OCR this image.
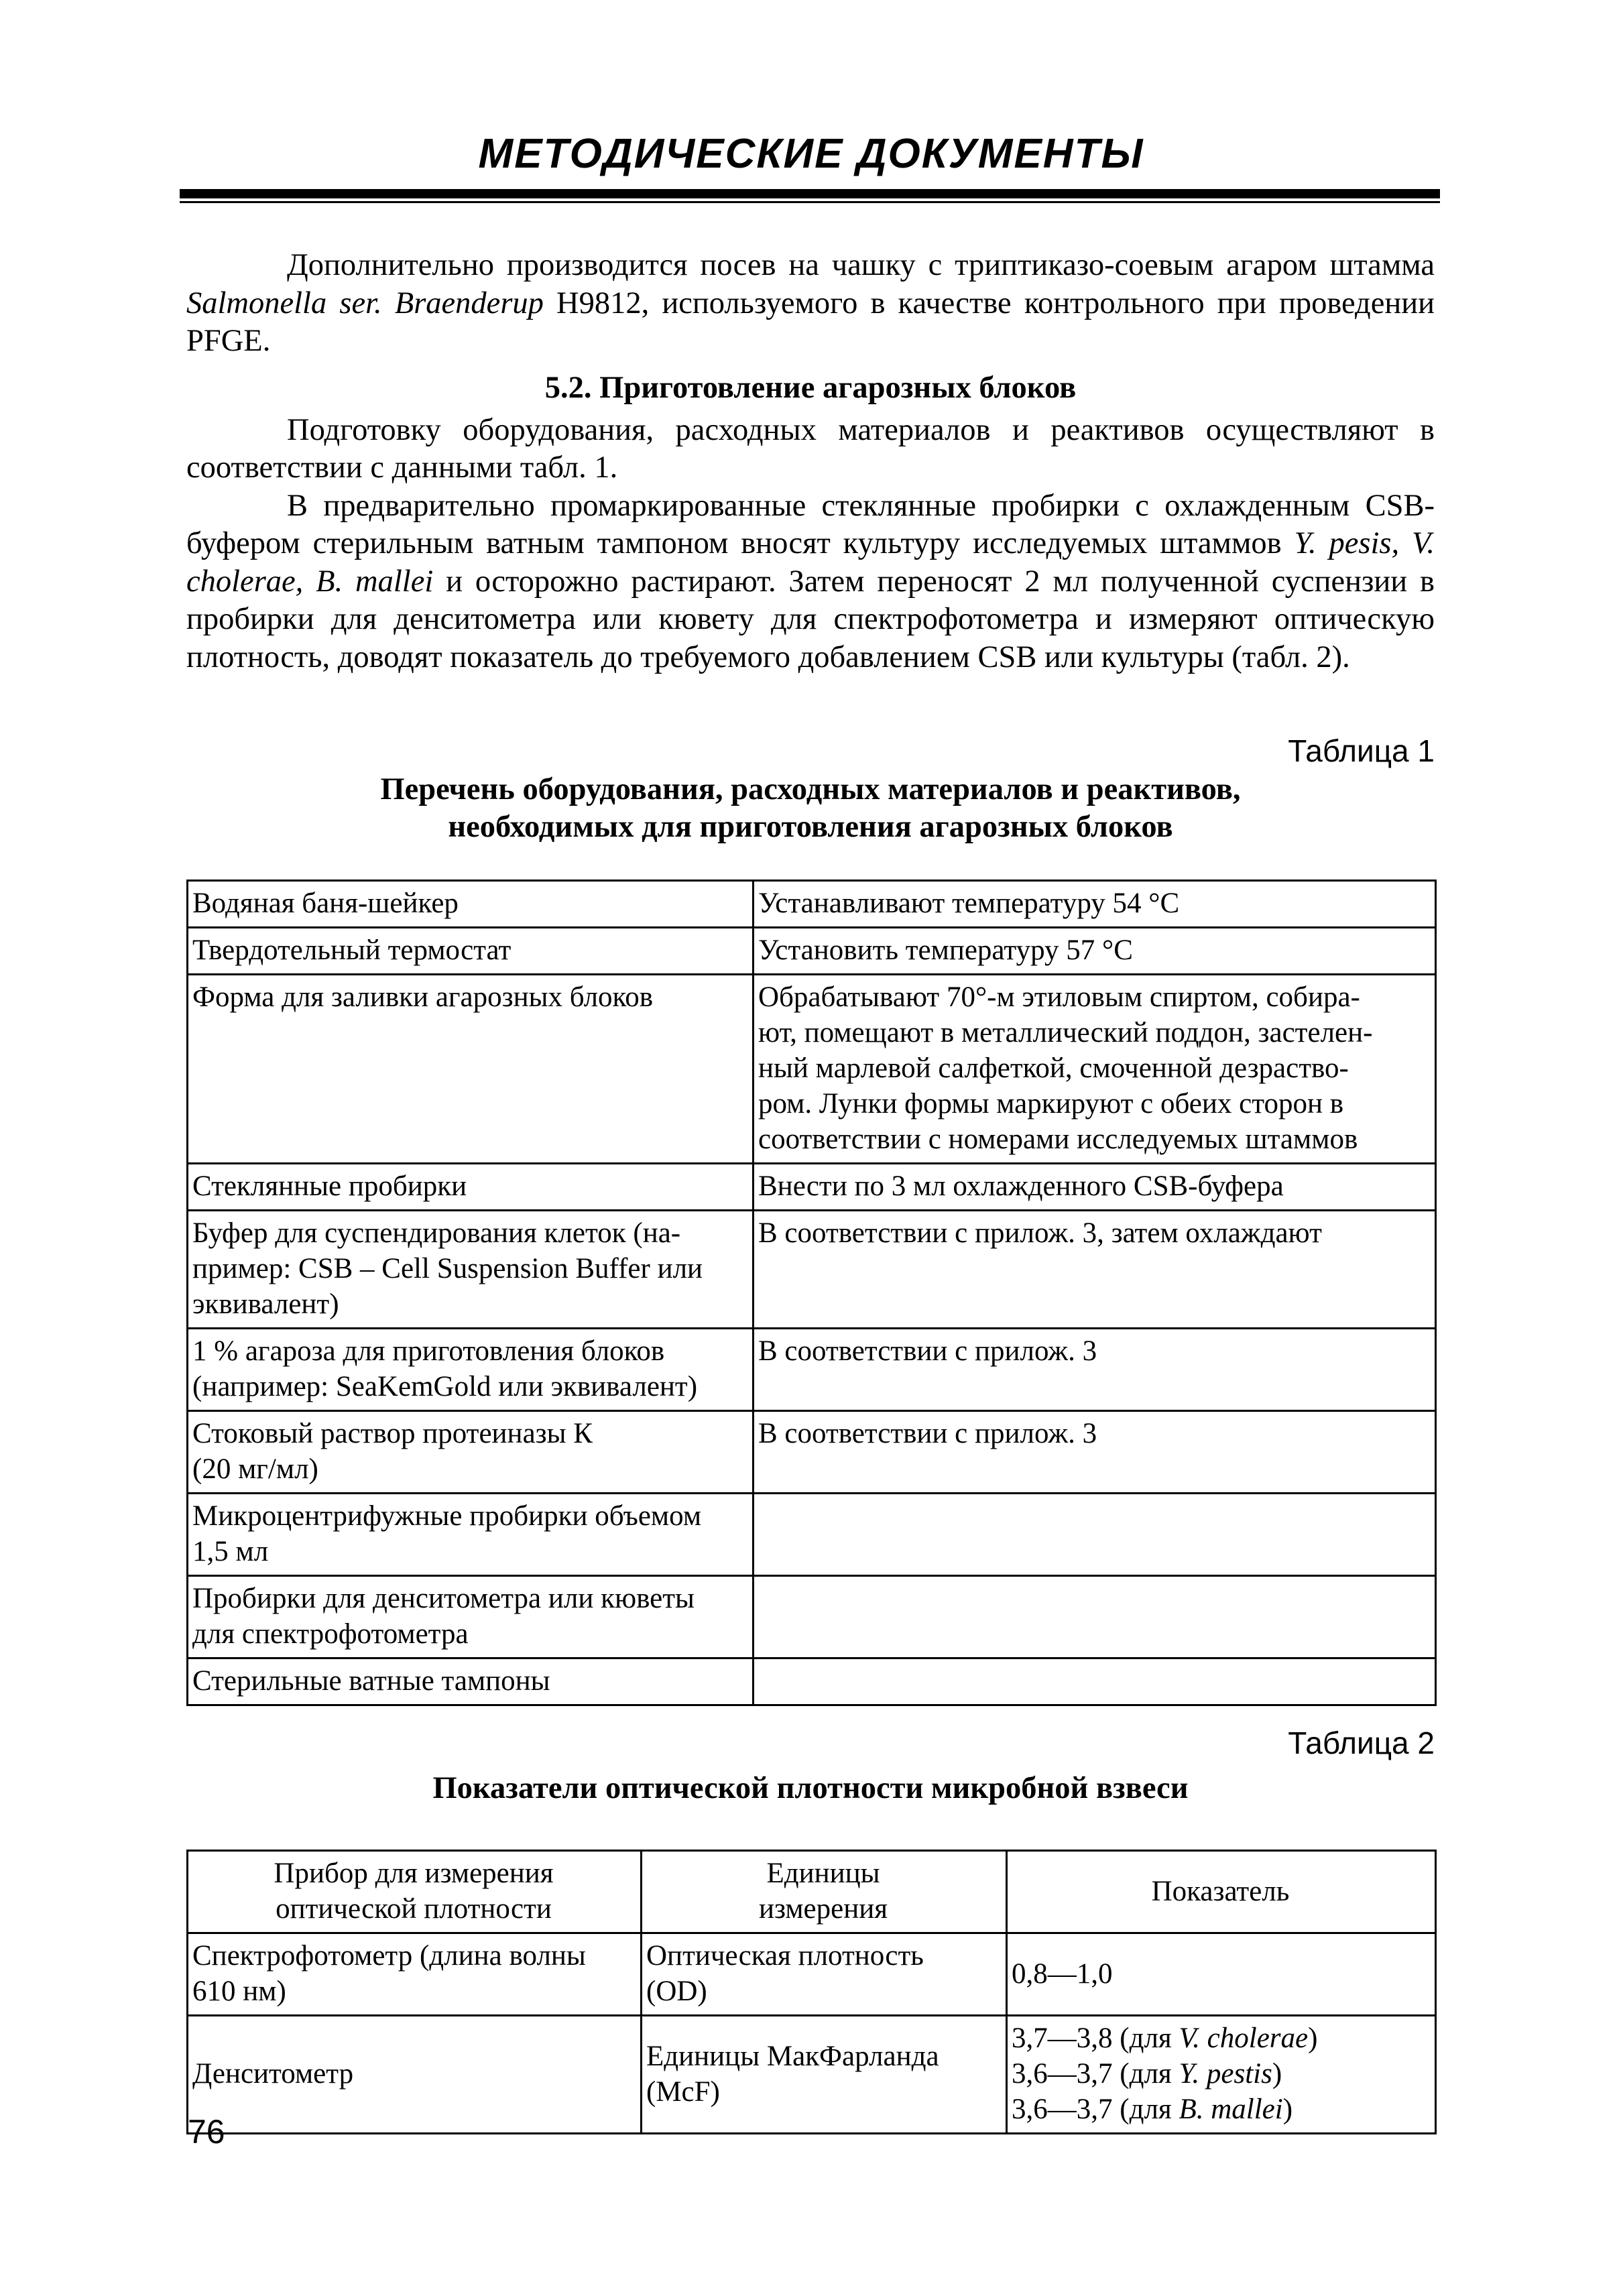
МЕТОДИЧЕСКИЕ ДОКУМЕНТЫ

Дополнительно производится посев на чашку с триптиказо-соевым агаром штамма Salmonella ser. Braenderup H9812, используемого в качестве контрольного при проведении PFGE.

5.2. Приготовление агарозных блоков

Подготовку оборудования, расходных материалов и реактивов осуществляют в соответствии с данными табл. 1.

В предварительно промаркированные стеклянные пробирки с охлажденным CSB-буфером стерильным ватным тампоном вносят культуру исследуемых штаммов Y. pesis, V. cholerae, B. mallei и осторожно растирают. Затем переносят 2 мл полученной суспензии в пробирки для денситометра или кювету для спектрофотометра и измеряют оптическую плотность, доводят показатель до требуемого добавлением CSB или культуры (табл. 2).

Таблица 1
Перечень оборудования, расходных материалов и реактивов,
необходимых для приготовления агарозных блоков
Водяная баня-шейкер	Устанавливают температуру 54 °С

Твердотельный термостат	Установить температуру 57 °С

Форма для заливки агарозных блоков	Обрабатывают 70°-м этиловым спиртом, собира-
ют, помещают в металлический поддон, застелен-
ный марлевой салфеткой, смоченной дезраство-
ром. Лунки формы маркируют с обеих сторон в
соответствии с номерами исследуемых штаммов

Стеклянные пробирки	Внести по 3 мл охлажденного CSB-буфера

Буфер для суспендирования клеток (на-
пример: CSB – Cell Suspension Buffer или
эквивалент)	В соответствии с прилож. 3, затем охлаждают

1 % агароза для приготовления блоков
(например: SeaKemGold или эквивалент)	В соответствии с прилож. 3

Стоковый раствор протеиназы К
(20 мг/мл)	В соответствии с прилож. 3

Микроцентрифужные пробирки объемом
1,5 мл	

Пробирки для денситометра или кюветы
для спектрофотометра	

Стерильные ватные тампоны	

Таблица 2
Показатели оптической плотности микробной взвеси
Прибор для измерения
оптической плотности	Единицы
измерения	Показатель

Спектрофотометр (длина волны
610 нм)	Оптическая плотность
(OD)	0,8—1,0

Денситометр	Единицы МакФарланда
(McF)	3,7—3,8 (для V. cholerae)
3,6—3,7 (для Y. pestis)
3,6—3,7 (для B. mallei)
76
